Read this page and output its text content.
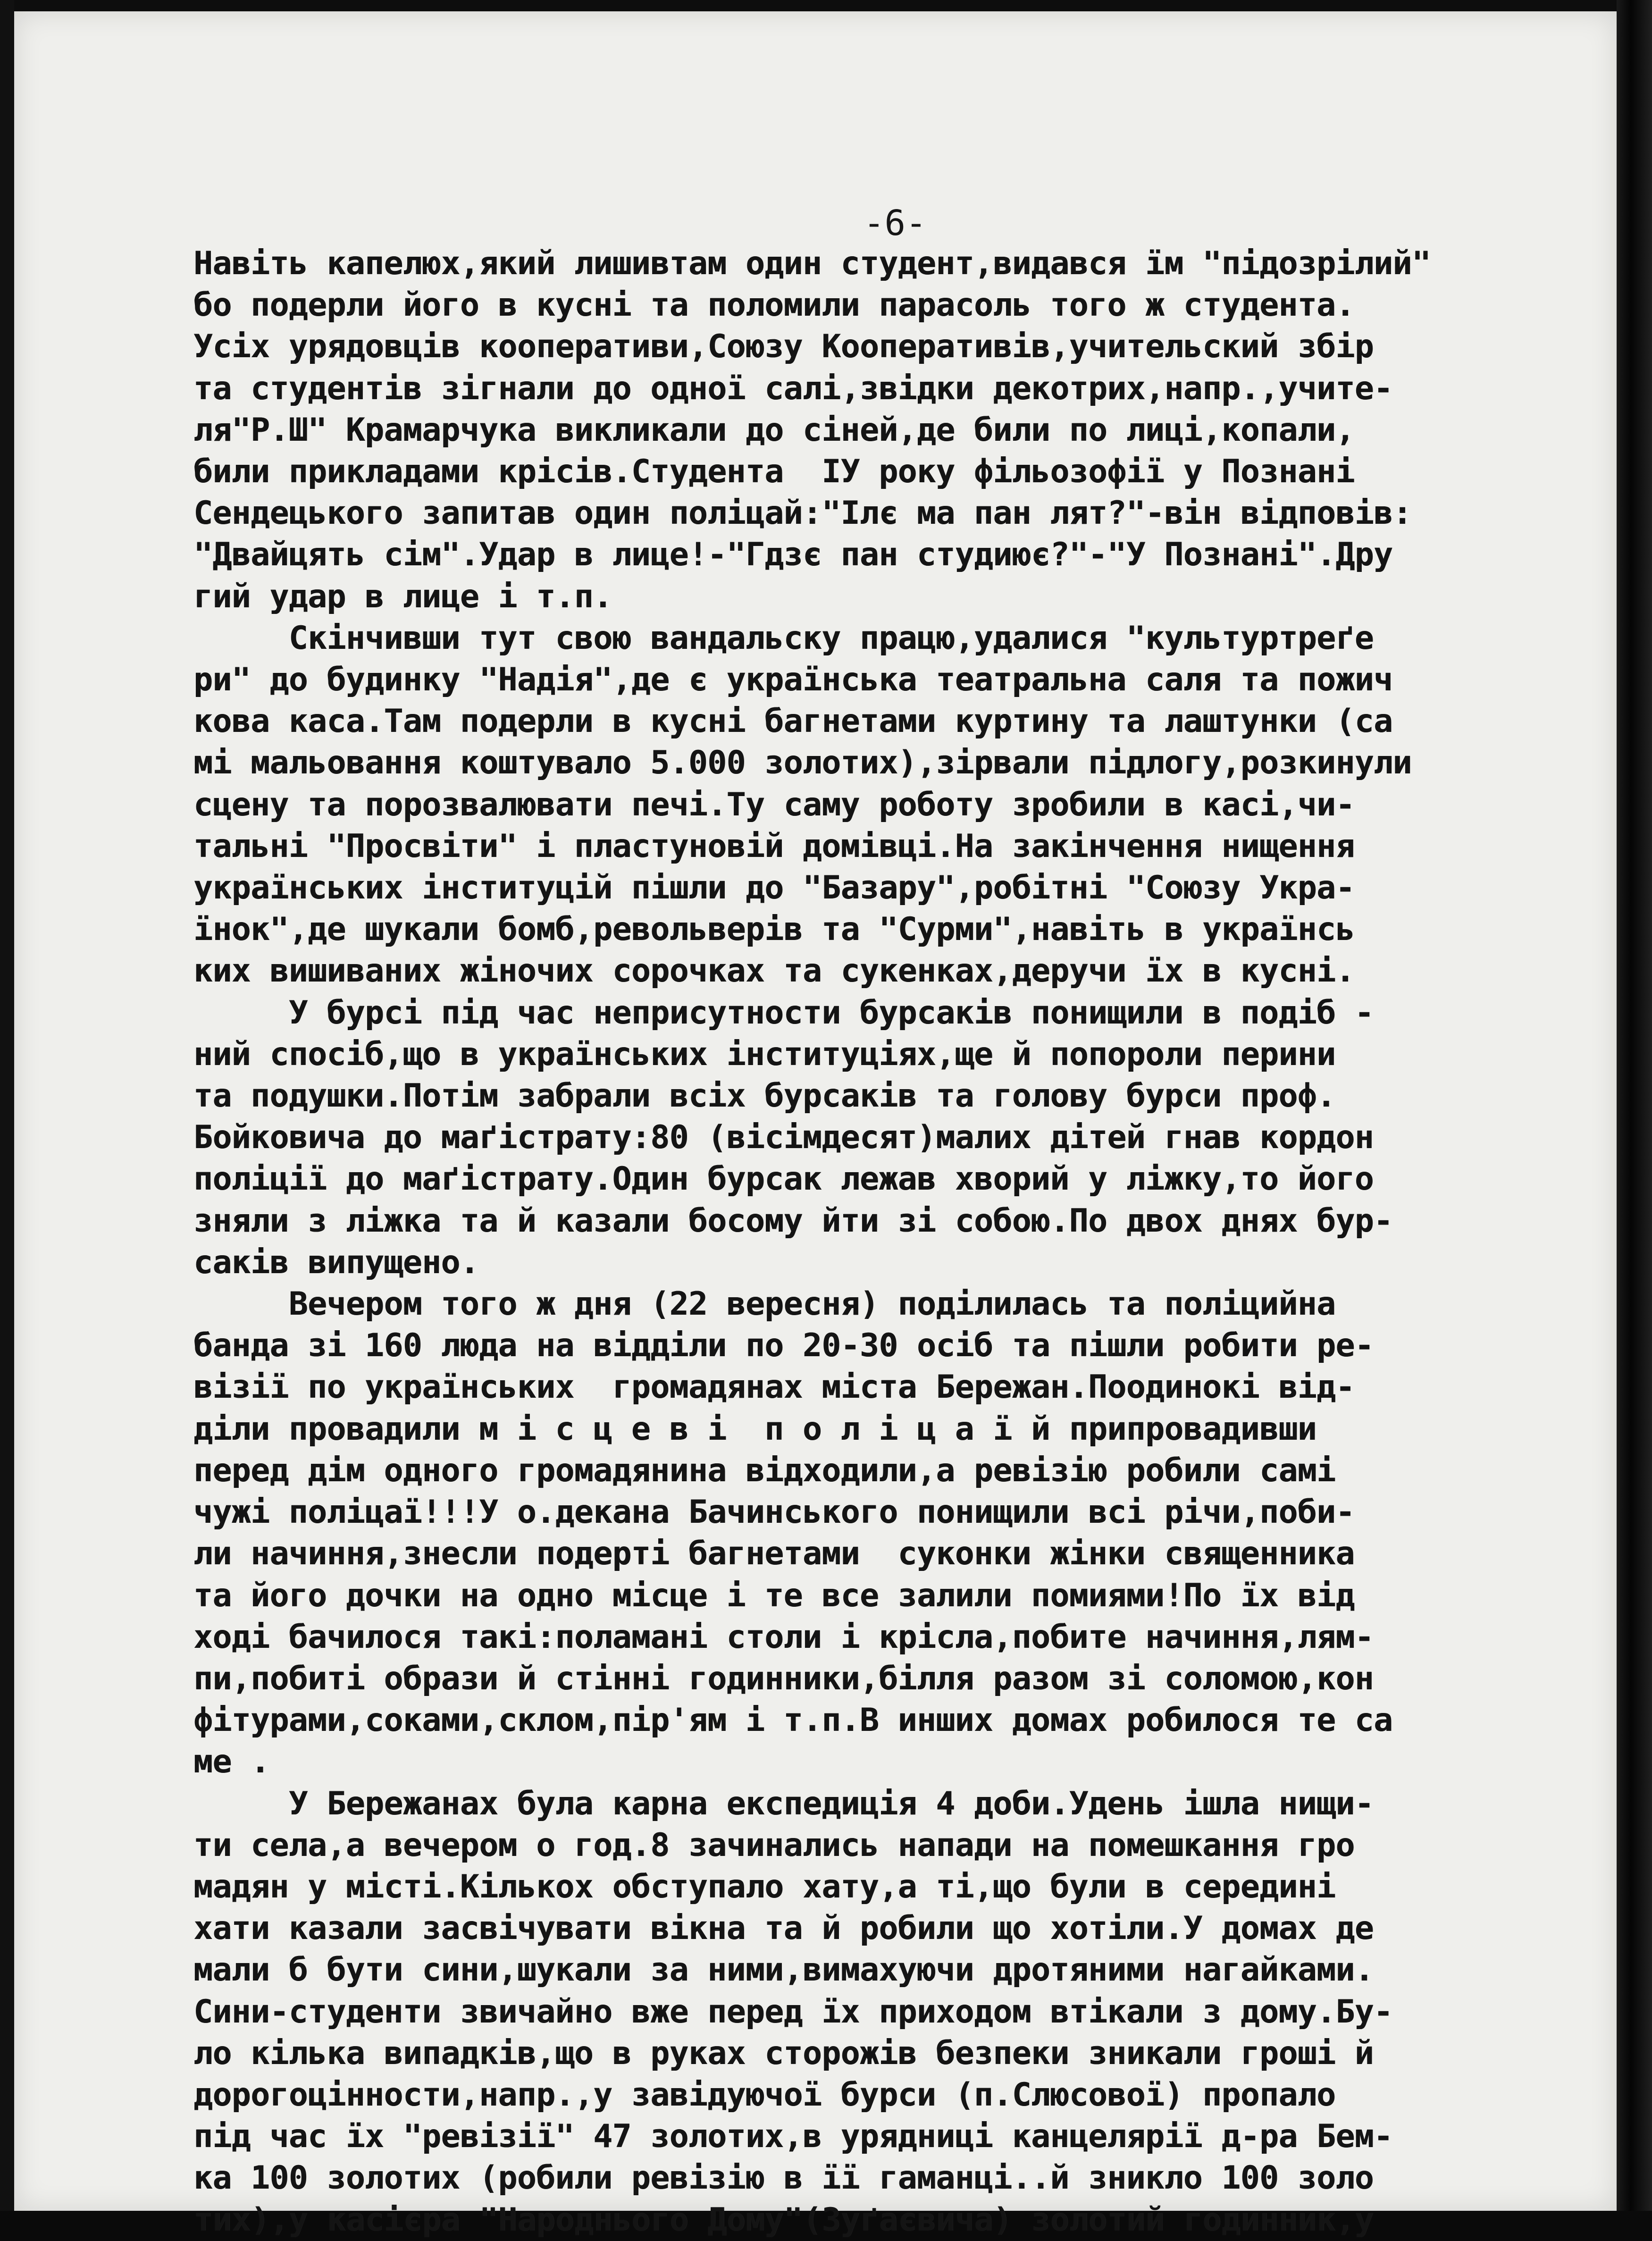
-6-

Навіть капелюх,який лишивтам один студент,видався їм "підозрілий"
бо подерли його в кусні та поломили парасоль того ж студента.
Усіх урядовців кооперативи,Союзу Кооперативів,учительский збір
та студентів зігнали до одної салі,звідки декотрих,напр.,учите-
ля"Р.Ш" Крамарчука викликали до сіней,де били по лиці,копали,
били прикладами крісів.Студента  IУ року фільозофії у Познані
Сендецького запитав один поліцай:"Ілє ма пан лят?"-він відповів:
"Двайцять сім".Удар в лице!-"Гдзє пан студиює?"-"У Познані".Дру
гий удар в лице і т.п.
Скінчивши тут свою вандальску працю,удалися "культуртреґе
ри" до будинку "Надія",де є українська театральна саля та пожич
кова каса.Там подерли в кусні багнетами куртину та лаштунки (са
мі мальовання коштувало 5.000 золотих),зірвали підлогу,розкинули
сцену та порозвалювати печі.Ту саму роботу зробили в касі,чи-
тальні "Просвіти" і пластуновій домівці.На закінчення нищення
українських інституцій пішли до "Базару",робітні "Союзу Укра-
їнок",де шукали бомб,револьверів та "Сурми",навіть в українсь
ких вишиваних жіночих сорочках та сукенках,деручи їх в кусні.
У бурсі під час неприсутности бурсаків понищили в подіб -
ний спосіб,що в українських інституціях,ще й попороли перини
та подушки.Потім забрали всіх бурсаків та голову бурси проф.
Бойковича до маґістрату:80 (вісімдесят)малих дітей гнав кордон
поліції до маґістрату.Один бурсак лежав хворий у ліжку,то його
зняли з ліжка та й казали босому йти зі собою.По двох днях бур-
саків випущено.
Вечером того ж дня (22 вересня) поділилась та поліцийна
банда зі 160 люда на відділи по 20-30 осіб та пішли робити ре-
візії по українських  громадянах міста Бережан.Поодинокі від-
діли провадили м і с ц е в і  п о л і ц а ї й припровадивши
перед дім одного громадянина відходили,а ревізію робили самі
чужі поліцаї!!!У о.декана Бачинського понищили всі річи,поби-
ли начиння,знесли подерті багнетами  суконки жінки священника
та його дочки на одно місце і те все залили помиями!По їх від
ході бачилося такі:поламані столи і крісла,побите начиння,лям-
пи,побиті образи й стінні годинники,білля разом зі соломою,кон
фітурами,соками,склом,пір'ям і т.п.В инших домах робилося те са
ме .
У Бережанах була карна експедиція 4 доби.Удень ішла нищи-
ти села,а вечером о год.8 зачинались напади на помешкання гро
мадян у місті.Кількох обступало хату,а ті,що були в середині
хати казали засвічувати вікна та й робили що хотіли.У домах де
мали б бути сини,шукали за ними,вимахуючи дротяними нагайками.
Сини-студенти звичайно вже перед їх приходом втікали з дому.Бу-
ло кілька випадків,що в руках сторожів безпеки зникали гроші й
дорогоцінности,напр.,у завідуючої бурси (п.Слюсової) пропало
під час їх "ревізії" 47 золотих,в урядниці канцелярії д-ра Бем-
ка 100 золотих (робили ревізію в її гаманці..й зникло 100 золо
тих),у касієра "Народнього Дому"(Зуґаєвича) золотий годинник,у
